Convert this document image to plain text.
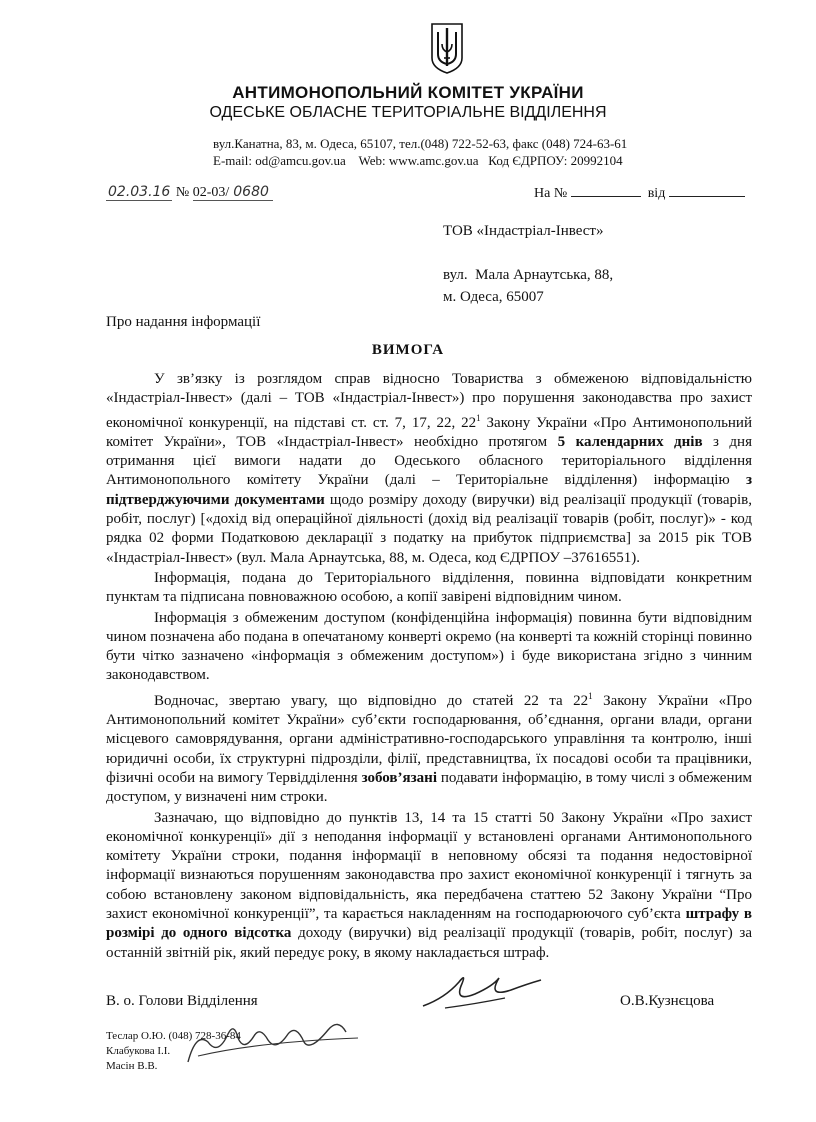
АНТИМОНОПОЛЬНИЙ КОМІТЕТ УКРАЇНИ
ОДЕСЬКЕ ОБЛАСНЕ ТЕРИТОРІАЛЬНЕ ВІДДІЛЕННЯ
вул.Канатна, 83, м. Одеса, 65107, тел.(048) 722-52-63, факс (048) 724-63-61
E-mail: od@amcu.gov.ua    Web: www.amc.gov.ua   Код ЄДРПОУ: 20992104
02.03.16 № 02-03/ 0680	На №	від
ТОВ «Індастріал-Інвест»
вул.  Мала Арнаутська, 88,
м. Одеса, 65007
Про надання інформації
ВИМОГА

У зв’язку із розглядом справ відносно Товариства з обмеженою відповідальністю «Індастріал-Інвест» (далі – ТОВ «Індастріал-Інвест») про порушення законодавства про захист економічної конкуренції, на підставі ст. ст. 7, 17, 22, $22^1$ Закону України «Про Антимонопольний комітет України», ТОВ «Індастріал-Інвест» необхідно протягом 5 календарних днів з дня отримання цієї вимоги надати до Одеського обласного територіального відділення Антимонопольного комітету України (далі – Територіальне відділення) інформацію з підтверджуючими документами щодо розміру доходу (виручки) від реалізації продукції (товарів, робіт, послуг) [«дохід від операційної діяльності (дохід від реалізації товарів (робіт, послуг)» - код рядка 02 форми Податковою декларації з податку на прибуток підприємства] за 2015 рік ТОВ «Індастріал-Інвест» (вул. Мала Арнаутська, 88, м. Одеса, код ЄДРПОУ –37616551).

Інформація, подана до Територіального відділення, повинна відповідати конкретним пунктам та підписана повноважною особою, а копії завірені відповідним чином.

Інформація з обмеженим доступом (конфіденційна інформація) повинна бути відповідним чином позначена або подана в опечатаному конверті окремо (на конверті та кожній сторінці повинно бути чітко зазначено «інформація з обмеженим доступом») і буде використана згідно з чинним законодавством.

Водночас, звертаю увагу, що відповідно до статей 22 та $22^1$ Закону України «Про Антимонопольний комітет України» суб’єкти господарювання, об’єднання, органи влади, органи місцевого самоврядування, органи адміністративно-господарського управління та контролю, інші юридичні особи, їх структурні підрозділи, філії, представництва, їх посадові особи та працівники, фізичні особи на вимогу Тервідділення зобов’язані подавати інформацію, в тому числі з обмеженим доступом, у визначені ним строки.

Зазначаю, що відповідно до пунктів 13, 14 та 15 статті 50 Закону України «Про захист економічної конкуренції» дії з неподання інформації у встановлені органами Антимонопольного комітету України строки, подання інформації в неповному обсязі та подання недостовірної інформації визнаються порушенням законодавства про захист економічної конкуренції і тягнуть за собою встановлену законом відповідальність, яка передбачена статтею 52 Закону України “Про захист економічної конкуренції”, та карається накладенням на господарюючого суб’єкта штрафу в розмірі до одного відсотка доходу (виручки) від реалізації продукції (товарів, робіт, послуг) за останній звітній рік, який передує року, в якому накладається штраф.

В. о. Голови Відділення	О.В.Кузнєцова
Теслар О.Ю. (048) 728-36-84
Клабукова І.І.
Масін В.В.
